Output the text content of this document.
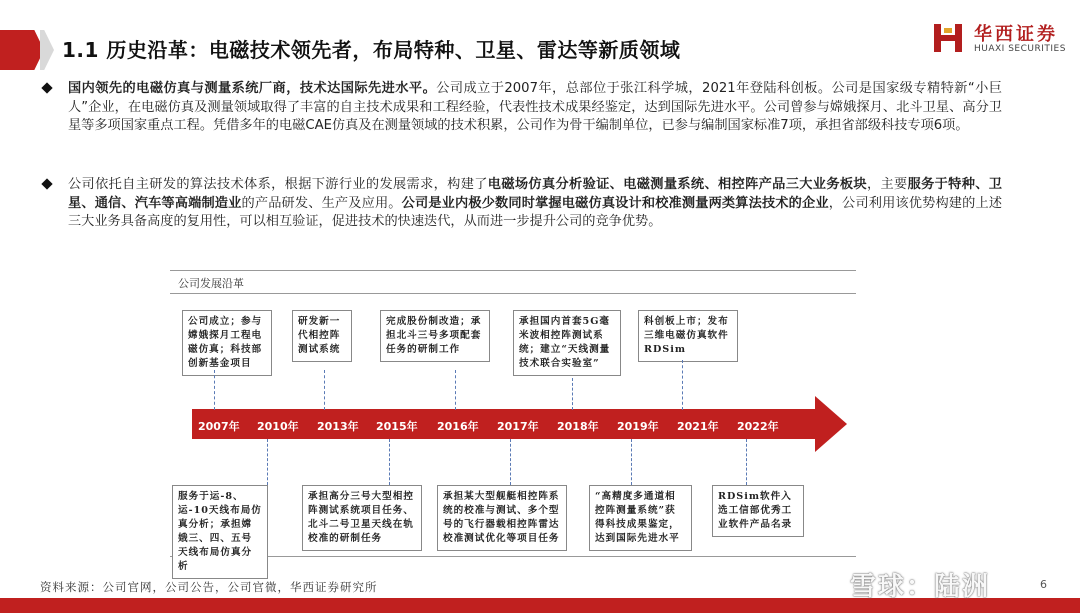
1.1 历史沿革：电磁技术领先者，布局特种、卫星、雷达等新质领域
华西证券
HUAXI SECURITIES
国内领先的电磁仿真与测量系统厂商，技术达国际先进水平。公司成立于2007年，总部位于张江科学城，2021年登陆科创板。公司是国家级专精特新“小巨人”企业，在电磁仿真及测量领域取得了丰富的自主技术成果和工程经验，代表性技术成果经鉴定，达到国际先进水平。公司曾参与嫦娥探月、北斗卫星、高分卫星等多项国家重点工程。凭借多年的电磁CAE仿真及在测量领域的技术积累，公司作为骨干编制单位，已参与编制国家标准7项，承担省部级科技专项6项。
公司依托自主研发的算法技术体系，根据下游行业的发展需求，构建了电磁场仿真分析验证、电磁测量系统、相控阵产品三大业务板块，主要服务于特种、卫星、通信、汽车等高端制造业的产品研发、生产及应用。公司是业内极少数同时掌握电磁仿真设计和校准测量两类算法技术的企业，公司利用该优势构建的上述三大业务具备高度的复用性，可以相互验证，促进技术的快速迭代，从而进一步提升公司的竞争优势。
公司发展沿革
2007年 2010年 2013年 2015年 2016年 2017年 2018年 2019年 2021年 2022年
公司成立；参与嫦娥探月工程电磁仿真；科技部创新基金项目
研发新一代相控阵测试系统
完成股份制改造；承担北斗三号多项配套任务的研制工作
承担国内首套5G毫米波相控阵测试系统；建立“天线测量技术联合实验室”
科创板上市；发布三维电磁仿真软件RDSim
服务于运-8、运-10天线布局仿真分析；承担嫦娥三、四、五号天线布局仿真分析
承担高分三号大型相控阵测试系统项目任务、北斗二号卫星天线在轨校准的研制任务
承担某大型舰艇相控阵系统的校准与测试、多个型号的飞行器载相控阵雷达校准测试优化等项目任务
“高精度多通道相控阵测量系统”获得科技成果鉴定，达到国际先进水平
RDSim软件入选工信部优秀工业软件产品名录
资料来源：公司官网，公司公告，公司官微，华西证券研究所	雪球：陆洲	6
